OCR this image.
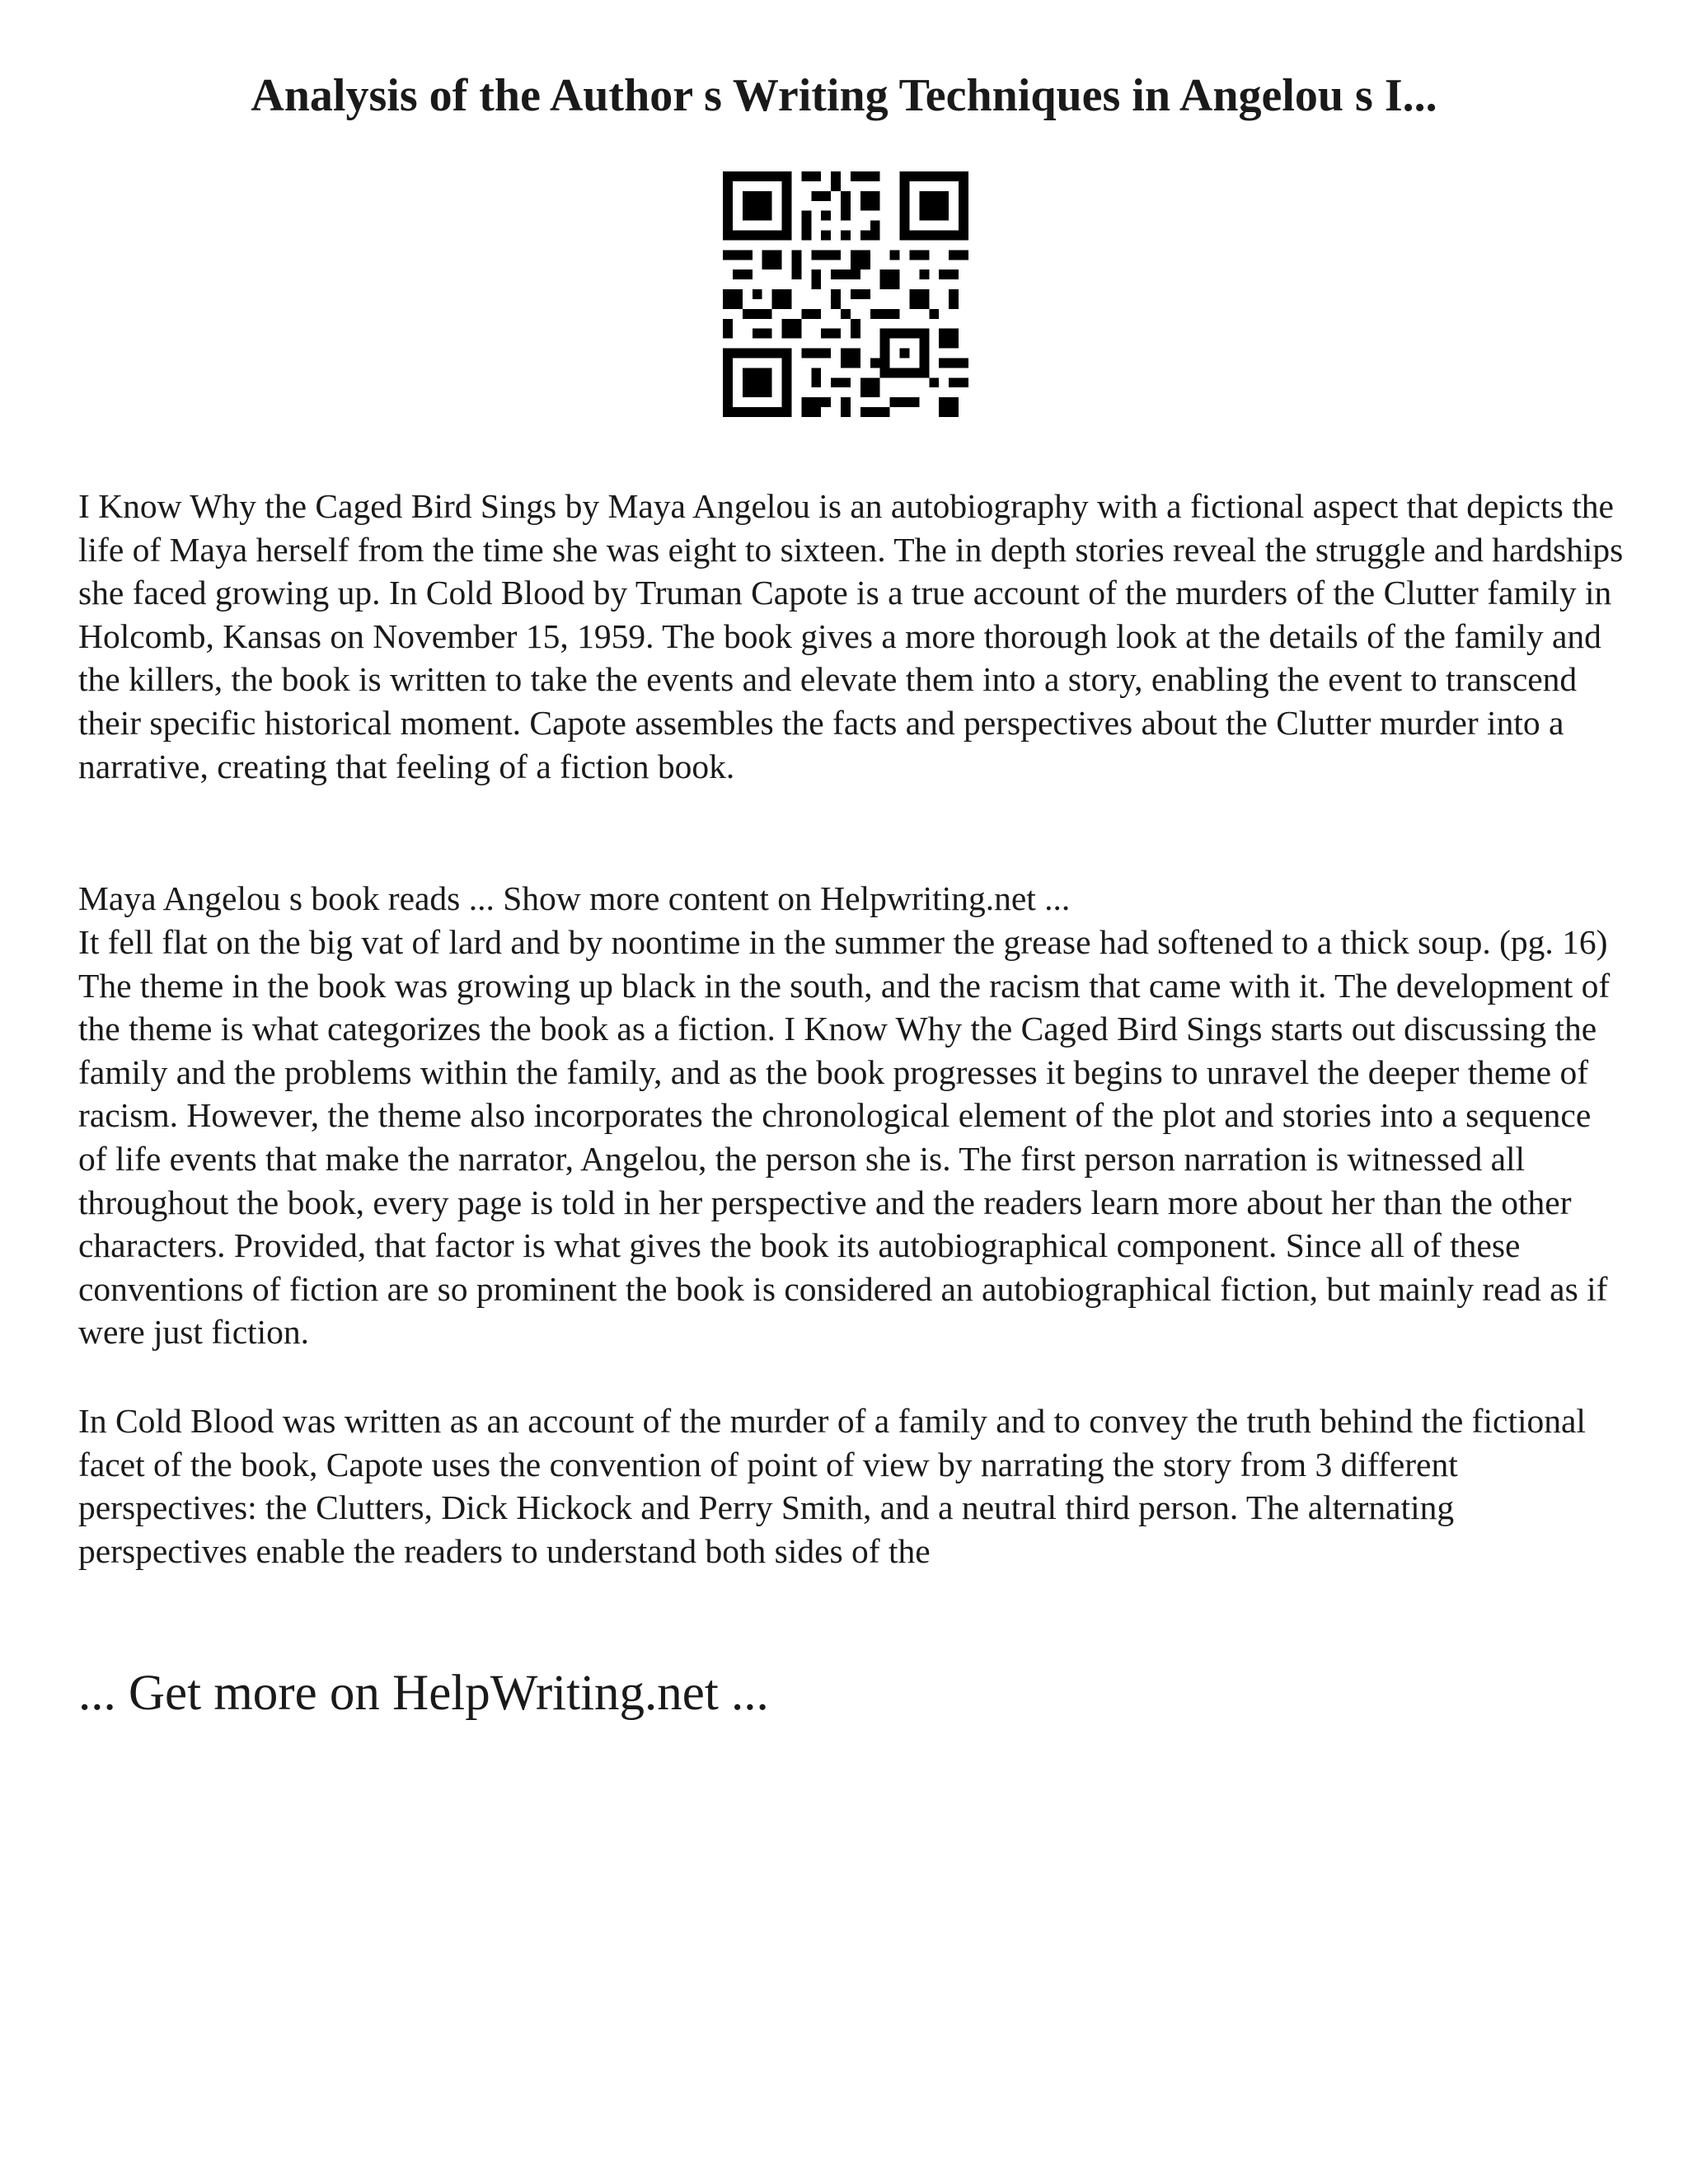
Analysis of the Author s Writing Techniques in Angelou s I...

I Know Why the Caged Bird Sings by Maya Angelou is an autobiography with a fictional aspect that depicts the life of Maya herself from the time she was eight to sixteen. The in depth stories reveal the struggle and hardships she faced growing up. In Cold Blood by Truman Capote is a true account of the murders of the Clutter family in Holcomb, Kansas on November 15, 1959. The book gives a more thorough look at the details of the family and the killers, the book is written to take the events and elevate them into a story, enabling the event to transcend their specific historical moment. Capote assembles the facts and perspectives about the Clutter murder into a narrative, creating that feeling of a fiction book.

Maya Angelou s book reads ... Show more content on Helpwriting.net ...

It fell flat on the big vat of lard and by noontime in the summer the grease had softened to a thick soup. (pg. 16) The theme in the book was growing up black in the south, and the racism that came with it. The development of the theme is what categorizes the book as a fiction. I Know Why the Caged Bird Sings starts out discussing the family and the problems within the family, and as the book progresses it begins to unravel the deeper theme of racism. However, the theme also incorporates the chronological element of the plot and stories into a sequence of life events that make the narrator, Angelou, the person she is. The first person narration is witnessed all throughout the book, every page is told in her perspective and the readers learn more about her than the other characters. Provided, that factor is what gives the book its autobiographical component. Since all of these conventions of fiction are so prominent the book is considered an autobiographical fiction, but mainly read as if were just fiction.

In Cold Blood was written as an account of the murder of a family and to convey the truth behind the fictional facet of the book, Capote uses the convention of point of view by narrating the story from 3 different perspectives: the Clutters, Dick Hickock and Perry Smith, and a neutral third person. The alternating perspectives enable the readers to understand both sides of the

... Get more on HelpWriting.net ...
